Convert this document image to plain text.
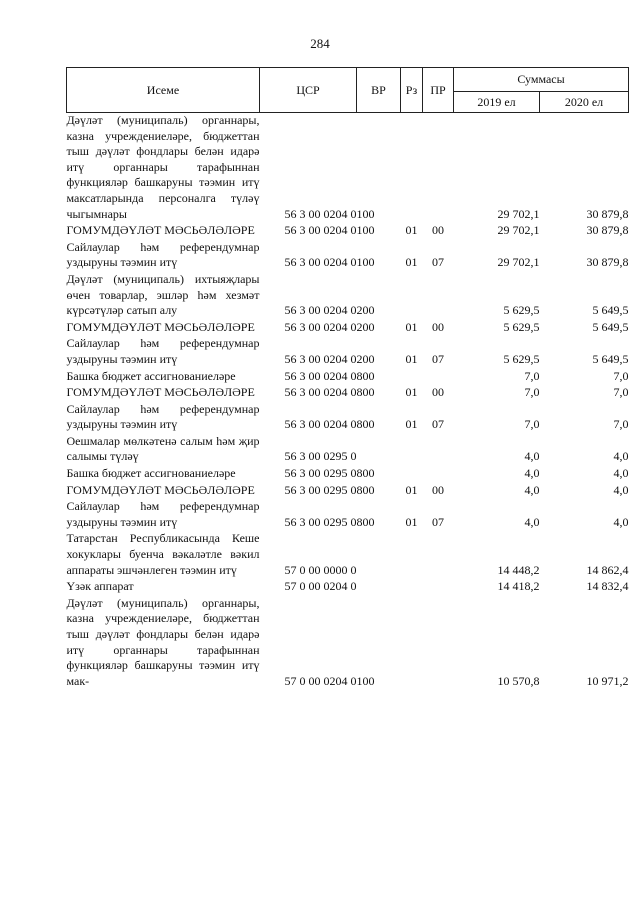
284
Исеме	ЦСР	ВР	Рз	ПР	Суммасы	
					2019 ел	2020 ел
Дәүләт (муниципаль) органнары, казна учреждениеләре, бюджеттан тыш дәүләт фондлары белән идарә итү органнары тарафыннан функцияләр башкаруны тәэмин итү максатларында персоналга түләү чыгымнары	56 3 00 0204 0	100			29 702,1	30 879,8
ГОМУМДӘҮЛӘТ МӘСЬӘЛӘЛӘРЕ	56 3 00 0204 0	100	01	00	29 702,1	30 879,8
Сайлаулар һәм референдумнар уздыруны тәэмин итү	56 3 00 0204 0	100	01	07	29 702,1	30 879,8
Дәүләт (муниципаль) ихтыяҗлары өчен товарлар, эшләр һәм хезмәт күрсәтүләр сатып алу	56 3 00 0204 0	200			5 629,5	5 649,5
ГОМУМДӘҮЛӘТ МӘСЬӘЛӘЛӘРЕ	56 3 00 0204 0	200	01	00	5 629,5	5 649,5
Сайлаулар һәм референдумнар уздыруны тәэмин итү	56 3 00 0204 0	200	01	07	5 629,5	5 649,5
Башка бюджет ассигнованиеләре	56 3 00 0204 0	800			7,0	7,0
ГОМУМДӘҮЛӘТ МӘСЬӘЛӘЛӘРЕ	56 3 00 0204 0	800	01	00	7,0	7,0
Сайлаулар һәм референдумнар уздыруны тәэмин итү	56 3 00 0204 0	800	01	07	7,0	7,0
Оешмалар мөлкәтенә салым һәм җир салымы түләү	56 3 00 0295 0				4,0	4,0
Башка бюджет ассигнованиеләре	56 3 00 0295 0	800			4,0	4,0
ГОМУМДӘҮЛӘТ МӘСЬӘЛӘЛӘРЕ	56 3 00 0295 0	800	01	00	4,0	4,0
Сайлаулар һәм референдумнар уздыруны тәэмин итү	56 3 00 0295 0	800	01	07	4,0	4,0
Татарстан Республикасында Кеше хокуклары буенча вәкаләтле вәкил аппараты эшчәнлеген тәэмин итү	57 0 00 0000 0				14 448,2	14 862,4
Үзәк аппарат	57 0 00 0204 0				14 418,2	14 832,4
Дәүләт (муниципаль) органнары, казна учреждениеләре, бюджеттан тыш дәүләт фондлары белән идарә итү органнары тарафыннан функцияләр башкаруны тәэмин итү мак-	57 0 00 0204 0	100			10 570,8	10 971,2
